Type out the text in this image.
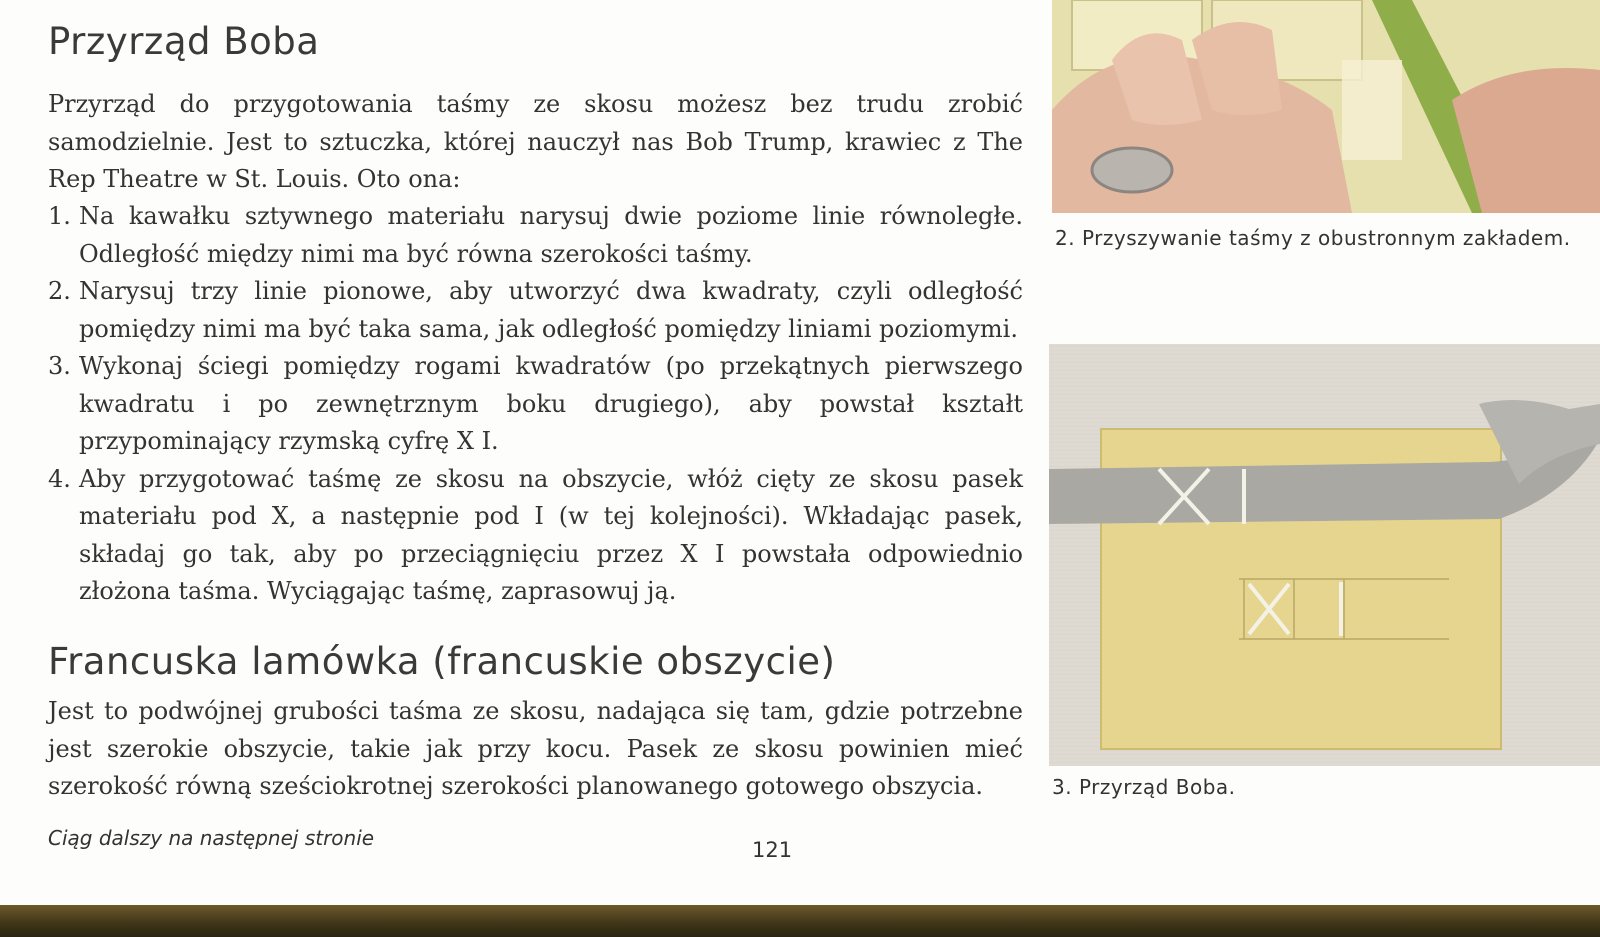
Przyrząd Boba

Przyrząd do przygotowania taśmy ze skosu możesz bez trudu zrobić samodzielnie. Jest to sztuczka, której nauczył nas Bob Trump, krawiec z The Rep Theatre w St. Louis. Oto ona:

1. Na kawałku sztywnego materiału narysuj dwie poziome linie równoległe. Odległość między nimi ma być równa szerokości taśmy.
2. Narysuj trzy linie pionowe, aby utworzyć dwa kwadraty, czyli odległość pomiędzy nimi ma być taka sama, jak odległość pomiędzy liniami poziomymi.
3. Wykonaj ściegi pomiędzy rogami kwadratów (po przekątnych pierwszego kwadratu i po zewnętrznym boku drugiego), aby powstał kształt przypominający rzymską cyfrę X I.
4. Aby przygotować taśmę ze skosu na obszycie, włóż cięty ze skosu pasek materiału pod X, a następnie pod I (w tej kolejności). Wkładając pasek, składaj go tak, aby po przeciągnięciu przez X I powstała odpowiednio złożona taśma. Wyciągając taśmę, zaprasowuj ją.
Francuska lamówka (francuskie obszycie)

Jest to podwójnej grubości taśma ze skosu, nadająca się tam, gdzie potrzebne jest szerokie obszycie, takie jak przy kocu. Pasek ze skosu powinien mieć szerokość równą sześciokrotnej szerokości planowanego gotowego obszycia.

Ciąg dalszy na następnej stronie	121
2. Przyszywanie taśmy z obustronnym zakładem.
3. Przyrząd Boba.
